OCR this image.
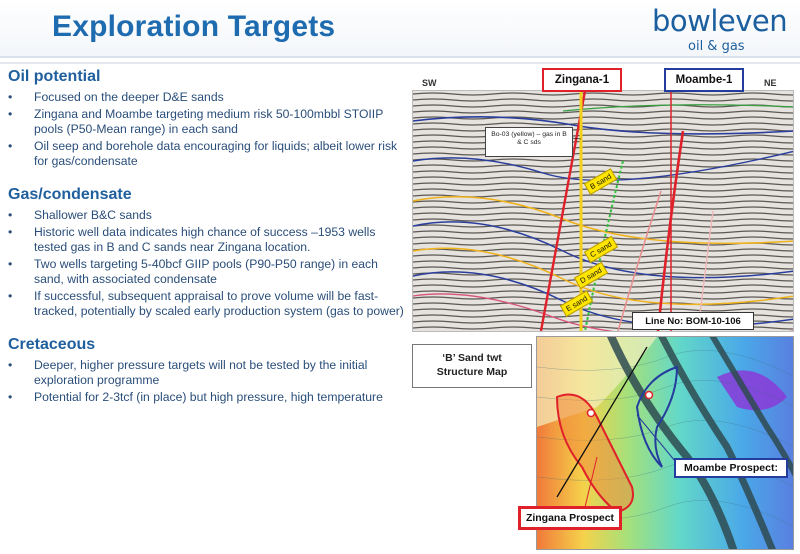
Exploration Targets	bowleven
oil & gas
Oil potential
• Focused on the deeper D&E sands
• Zingana and Moambe targeting medium risk 50-100mbbl STOIIP pools (P50-Mean range) in each sand
• Oil seep and borehole data encouraging for liquids; albeit lower risk for gas/condensate
Gas/condensate
• Shallower B&C sands
• Historic well data indicates high chance of success –1953 wells tested gas in B and C sands near Zingana location.
• Two wells targeting 5-40bcf GIIP pools (P90-P50 range) in each sand, with associated condensate
• If successful, subsequent appraisal to prove volume will be fast-tracked, potentially by scaled early production system (gas to power)
Cretaceous
• Deeper, higher pressure targets will not be tested by the initial exploration programme
• Potential for 2-3tcf (in place) but high pressure, high temperature
Bo-03 (yellow) – gas in B & C sds
B sand
C sand
D sand
E sand
SW	NE
Zingana-1	Moambe-1
Line No: BOM-10-106
‘B’ Sand twt
Structure Map
Moambe Prospect:
Zingana Prospect
